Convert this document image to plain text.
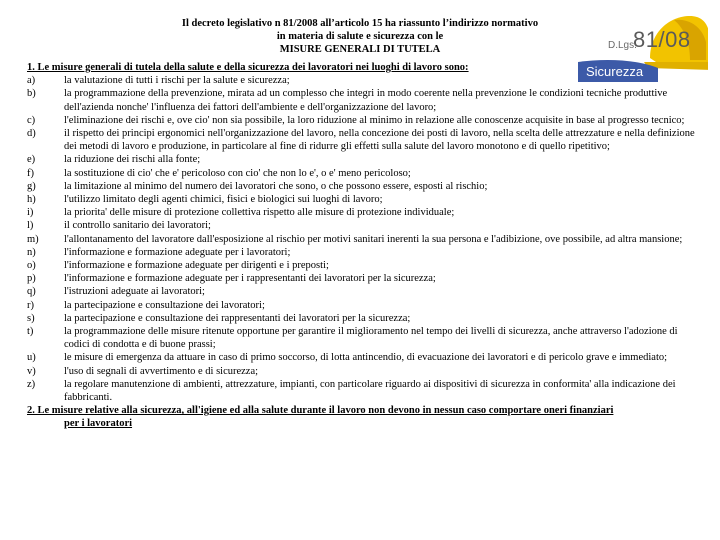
Il decreto legislativo n 81/2008 all’articolo 15 ha riassunto l’indirizzo normativo
in materia di salute e sicurezza con le
MISURE GENERALI DI TUTELA	D.Lgs.
81/08
Sicurezza
1. Le misure generali di tutela della salute e della sicurezza dei lavoratori nei luoghi di lavoro sono:
a)	la valutazione di tutti i rischi per la salute e sicurezza;
b)	la programmazione della prevenzione, mirata ad un complesso che integri in modo coerente nella prevenzione le condizioni tecniche produttive dell'azienda nonche' l'influenza dei fattori dell'ambiente e dell'organizzazione del lavoro;
c)	l'eliminazione dei rischi e, ove cio' non sia possibile, la loro riduzione al minimo in relazione alle conoscenze acquisite in base al progresso tecnico;
d)	il rispetto dei principi ergonomici nell'organizzazione del lavoro, nella concezione dei posti di lavoro, nella scelta delle attrezzature e nella definizione dei metodi di lavoro e produzione, in particolare al fine di ridurre gli effetti sulla salute del lavoro monotono e di quello ripetitivo;
e)	la riduzione dei rischi alla fonte;
f)	la sostituzione di cio' che e' pericoloso con cio' che non lo e', o e' meno pericoloso;
g)	la limitazione al minimo del numero dei lavoratori che sono, o che possono essere, esposti al rischio;
h)	l'utilizzo limitato degli agenti chimici, fisici e biologici sui luoghi di lavoro;
i)	la priorita' delle misure di protezione collettiva rispetto alle misure di protezione individuale;
l)	il controllo sanitario dei lavoratori;
m)	l'allontanamento del lavoratore dall'esposizione al rischio per motivi sanitari inerenti la sua persona e l'adibizione, ove possibile, ad altra mansione;
n)	l'informazione e formazione adeguate per i lavoratori;
o)	l'informazione e formazione adeguate per dirigenti e i preposti;
p)	l'informazione e formazione adeguate per i rappresentanti dei lavoratori per la sicurezza;
q)	l'istruzioni adeguate ai lavoratori;
r)	la partecipazione e consultazione dei lavoratori;
s)	la partecipazione e consultazione dei rappresentanti dei lavoratori per la sicurezza;
t)	la programmazione delle misure ritenute opportune per garantire il miglioramento nel tempo dei livelli di sicurezza, anche attraverso l'adozione di codici di condotta e di buone prassi;
u)	le misure di emergenza da attuare in caso di primo soccorso, di lotta antincendio, di evacuazione dei lavoratori e di pericolo grave e immediato;
v)	l'uso di segnali di avvertimento e di sicurezza;
z)	la regolare manutenzione di ambienti, attrezzature, impianti, con particolare riguardo ai dispositivi di sicurezza in conformita' alla indicazione dei fabbricanti.
2. Le misure relative alla sicurezza, all'igiene ed alla salute durante il lavoro non devono in nessun caso comportare oneri finanziari
per i lavoratori
